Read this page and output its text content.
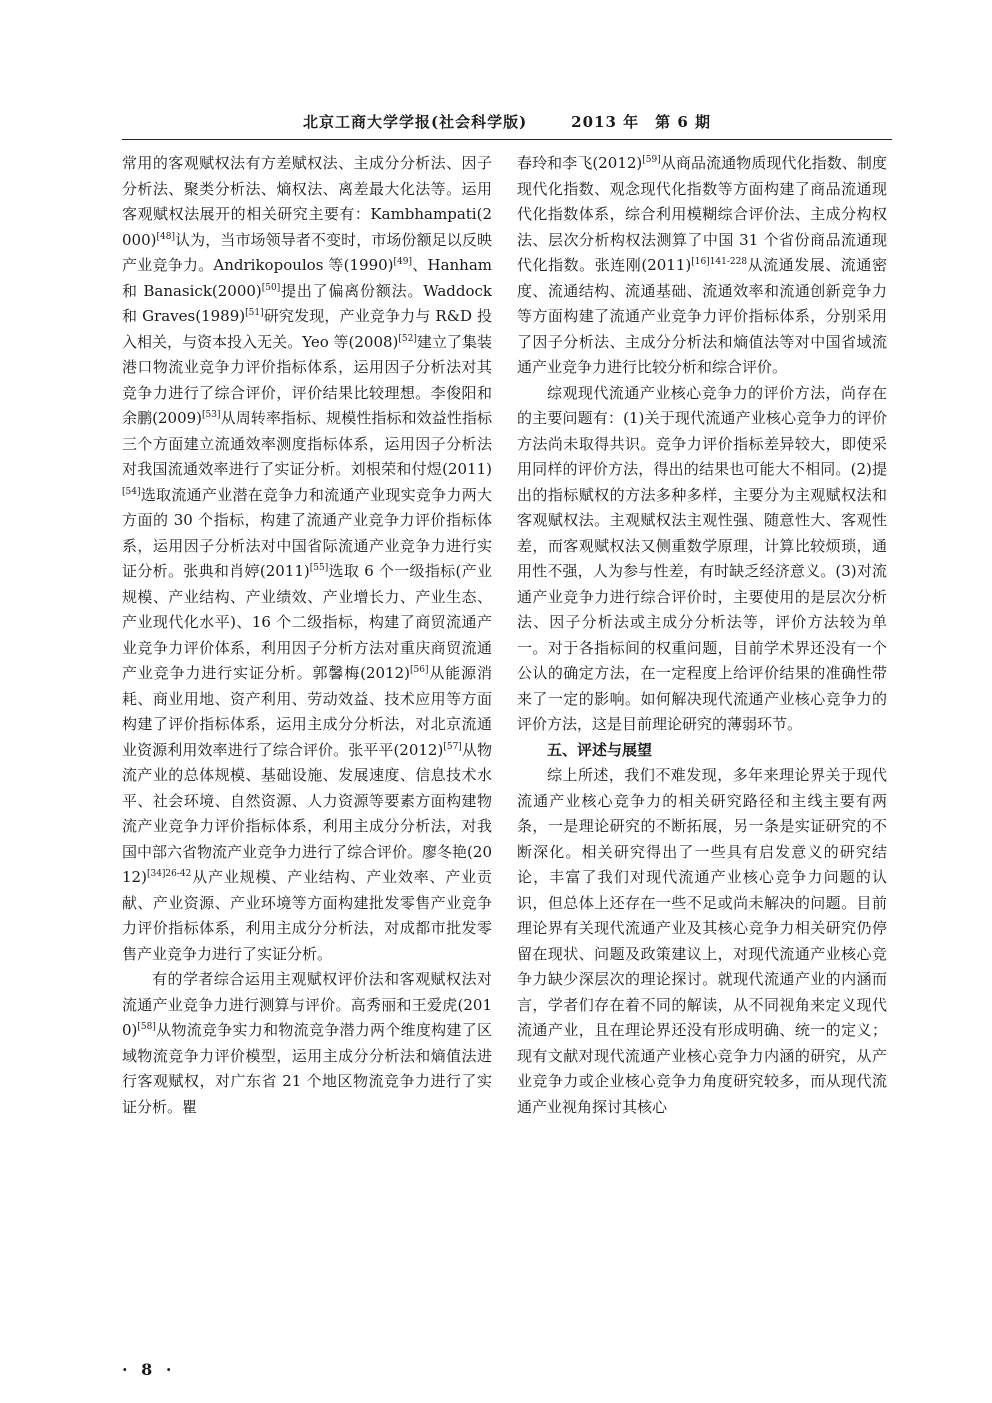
北京工商大学学报(社会科学版)	2013 年　第 6 期

常用的客观赋权法有方差赋权法、主成分分析法、因子分析法、聚类分析法、熵权法、离差最大化法等。运用客观赋权法展开的相关研究主要有：Kambhampati(2000)[48]认为，当市场领导者不变时，市场份额足以反映产业竞争力。Andrikopoulos 等(1990)[49]、Hanham 和 Banasick(2000)[50]提出了偏离份额法。Waddock 和 Graves(1989)[51]研究发现，产业竞争力与 R&D 投入相关，与资本投入无关。Yeo 等(2008)[52]建立了集装港口物流业竞争力评价指标体系，运用因子分析法对其竞争力进行了综合评价，评价结果比较理想。李俊阳和余鹏(2009)[53]从周转率指标、规模性指标和效益性指标三个方面建立流通效率测度指标体系，运用因子分析法对我国流通效率进行了实证分析。刘根荣和付煜(2011)[54]选取流通产业潜在竞争力和流通产业现实竞争力两大方面的 30 个指标，构建了流通产业竞争力评价指标体系，运用因子分析法对中国省际流通产业竞争力进行实证分析。张典和肖婷(2011)[55]选取 6 个一级指标(产业规模、产业结构、产业绩效、产业增长力、产业生态、产业现代化水平)、16 个二级指标，构建了商贸流通产业竞争力评价体系，利用因子分析方法对重庆商贸流通产业竞争力进行实证分析。郭馨梅(2012)[56]从能源消耗、商业用地、资产利用、劳动效益、技术应用等方面构建了评价指标体系，运用主成分分析法，对北京流通业资源利用效率进行了综合评价。张平平(2012)[57]从物流产业的总体规模、基础设施、发展速度、信息技术水平、社会环境、自然资源、人力资源等要素方面构建物流产业竞争力评价指标体系，利用主成分分析法，对我国中部六省物流产业竞争力进行了综合评价。廖冬艳(2012)$^{[34]26-42}$从产业规模、产业结构、产业效率、产业贡献、产业资源、产业环境等方面构建批发零售产业竞争力评价指标体系，利用主成分分析法，对成都市批发零售产业竞争力进行了实证分析。

有的学者综合运用主观赋权评价法和客观赋权法对流通产业竞争力进行测算与评价。高秀丽和王爱虎(2010)[58]从物流竞争实力和物流竞争潜力两个维度构建了区域物流竞争力评价模型，运用主成分分析法和熵值法进行客观赋权，对广东省 21 个地区物流竞争力进行了实证分析。瞿

春玲和李飞(2012)[59]从商品流通物质现代化指数、制度现代化指数、观念现代化指数等方面构建了商品流通现代化指数体系，综合利用模糊综合评价法、主成分构权法、层次分析构权法测算了中国 31 个省份商品流通现代化指数。张连刚(2011)$^{[16]141-228}$从流通发展、流通密度、流通结构、流通基础、流通效率和流通创新竞争力等方面构建了流通产业竞争力评价指标体系，分别采用了因子分析法、主成分分析法和熵值法等对中国省域流通产业竞争力进行比较分析和综合评价。

综观现代流通产业核心竞争力的评价方法，尚存在的主要问题有：(1)关于现代流通产业核心竞争力的评价方法尚未取得共识。竞争力评价指标差异较大，即使采用同样的评价方法，得出的结果也可能大不相同。(2)提出的指标赋权的方法多种多样，主要分为主观赋权法和客观赋权法。主观赋权法主观性强、随意性大、客观性差，而客观赋权法又侧重数学原理，计算比较烦琐，通用性不强，人为参与性差，有时缺乏经济意义。(3)对流通产业竞争力进行综合评价时，主要使用的是层次分析法、因子分析法或主成分分析法等，评价方法较为单一。对于各指标间的权重问题，目前学术界还没有一个公认的确定方法，在一定程度上给评价结果的准确性带来了一定的影响。如何解决现代流通产业核心竞争力的评价方法，这是目前理论研究的薄弱环节。

五、评述与展望

综上所述，我们不难发现，多年来理论界关于现代流通产业核心竞争力的相关研究路径和主线主要有两条，一是理论研究的不断拓展，另一条是实证研究的不断深化。相关研究得出了一些具有启发意义的研究结论，丰富了我们对现代流通产业核心竞争力问题的认识，但总体上还存在一些不足或尚未解决的问题。目前理论界有关现代流通产业及其核心竞争力相关研究仍停留在现状、问题及政策建议上，对现代流通产业核心竞争力缺少深层次的理论探讨。就现代流通产业的内涵而言，学者们存在着不同的解读，从不同视角来定义现代流通产业，且在理论界还没有形成明确、统一的定义；现有文献对现代流通产业核心竞争力内涵的研究，从产业竞争力或企业核心竞争力角度研究较多，而从现代流通产业视角探讨其核心

· 8 ·
